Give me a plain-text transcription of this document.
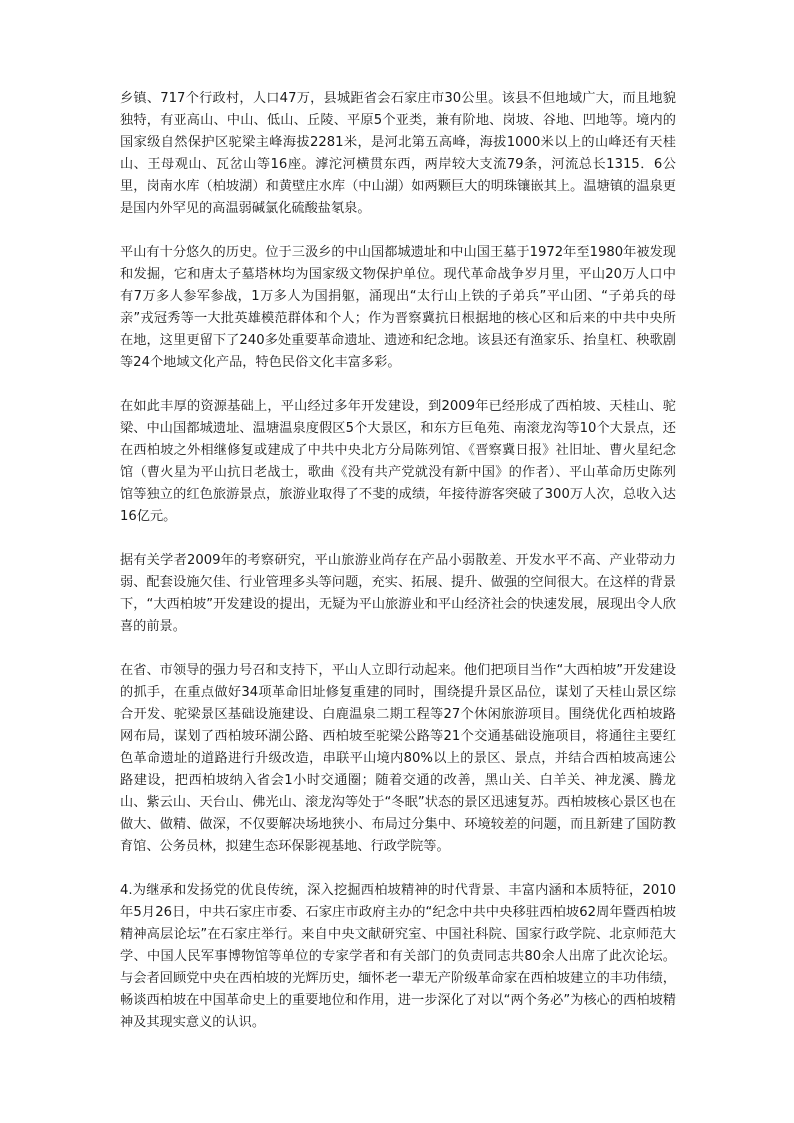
乡镇、717个行政村，人口47万，县城距省会石家庄市30公里。该县不但地域广大，而且地貌独特，有亚高山、中山、低山、丘陵、平原5个亚类，兼有阶地、岗坡、谷地、凹地等。境内的国家级自然保护区驼梁主峰海拔2281米，是河北第五高峰，海拔1000米以上的山峰还有天桂山、王母观山、瓦岔山等16座。滹沱河横贯东西，两岸较大支流79条，河流总长1315．6公里，岗南水库（柏坡湖）和黄壁庄水库（中山湖）如两颗巨大的明珠镶嵌其上。温塘镇的温泉更是国内外罕见的高温弱碱氯化硫酸盐氡泉。

平山有十分悠久的历史。位于三汲乡的中山国都城遗址和中山国王墓于1972年至1980年被发现和发掘，它和唐太子墓塔林均为国家级文物保护单位。现代革命战争岁月里，平山20万人口中有7万多人参军参战，1万多人为国捐躯，涌现出“太行山上铁的子弟兵”平山团、“子弟兵的母亲”戎冠秀等一大批英雄模范群体和个人；作为晋察冀抗日根据地的核心区和后来的中共中央所在地，这里更留下了240多处重要革命遗址、遗迹和纪念地。该县还有渔家乐、抬皇杠、秧歌剧等24个地域文化产品，特色民俗文化丰富多彩。

在如此丰厚的资源基础上，平山经过多年开发建设，到2009年已经形成了西柏坡、天桂山、驼梁、中山国都城遗址、温塘温泉度假区5个大景区，和东方巨龟苑、南滚龙沟等10个大景点，还在西柏坡之外相继修复或建成了中共中央北方分局陈列馆、《晋察冀日报》社旧址、曹火星纪念馆（曹火星为平山抗日老战士，歌曲《没有共产党就没有新中国》的作者）、平山革命历史陈列馆等独立的红色旅游景点，旅游业取得了不斐的成绩，年接待游客突破了300万人次，总收入达16亿元。

据有关学者2009年的考察研究，平山旅游业尚存在产品小弱散差、开发水平不高、产业带动力弱、配套设施欠佳、行业管理多头等问题，充实、拓展、提升、做强的空间很大。在这样的背景下，“大西柏坡”开发建设的提出，无疑为平山旅游业和平山经济社会的快速发展，展现出令人欣喜的前景。

在省、市领导的强力号召和支持下，平山人立即行动起来。他们把项目当作“大西柏坡”开发建设的抓手，在重点做好34项革命旧址修复重建的同时，围绕提升景区品位，谋划了天桂山景区综合开发、驼梁景区基础设施建设、白鹿温泉二期工程等27个休闲旅游项目。围绕优化西柏坡路网布局，谋划了西柏坡环湖公路、西柏坡至驼梁公路等21个交通基础设施项目，将通往主要红色革命遗址的道路进行升级改造，串联平山境内80%以上的景区、景点，并结合西柏坡高速公路建设，把西柏坡纳入省会1小时交通圈；随着交通的改善，黑山关、白羊关、神龙溪、腾龙山、紫云山、天台山、佛光山、滚龙沟等处于“冬眠”状态的景区迅速复苏。西柏坡核心景区也在做大、做精、做深，不仅要解决场地狭小、布局过分集中、环境较差的问题，而且新建了国防教育馆、公务员林，拟建生态环保影视基地、行政学院等。

4.为继承和发扬党的优良传统，深入挖掘西柏坡精神的时代背景、丰富内涵和本质特征，2010年5月26日，中共石家庄市委、石家庄市政府主办的“纪念中共中央移驻西柏坡62周年暨西柏坡精神高层论坛”在石家庄举行。来自中央文献研究室、中国社科院、国家行政学院、北京师范大学、中国人民军事博物馆等单位的专家学者和有关部门的负责同志共80余人出席了此次论坛。与会者回顾党中央在西柏坡的光辉历史，缅怀老一辈无产阶级革命家在西柏坡建立的丰功伟绩，畅谈西柏坡在中国革命史上的重要地位和作用，进一步深化了对以“两个务必”为核心的西柏坡精神及其现实意义的认识。
